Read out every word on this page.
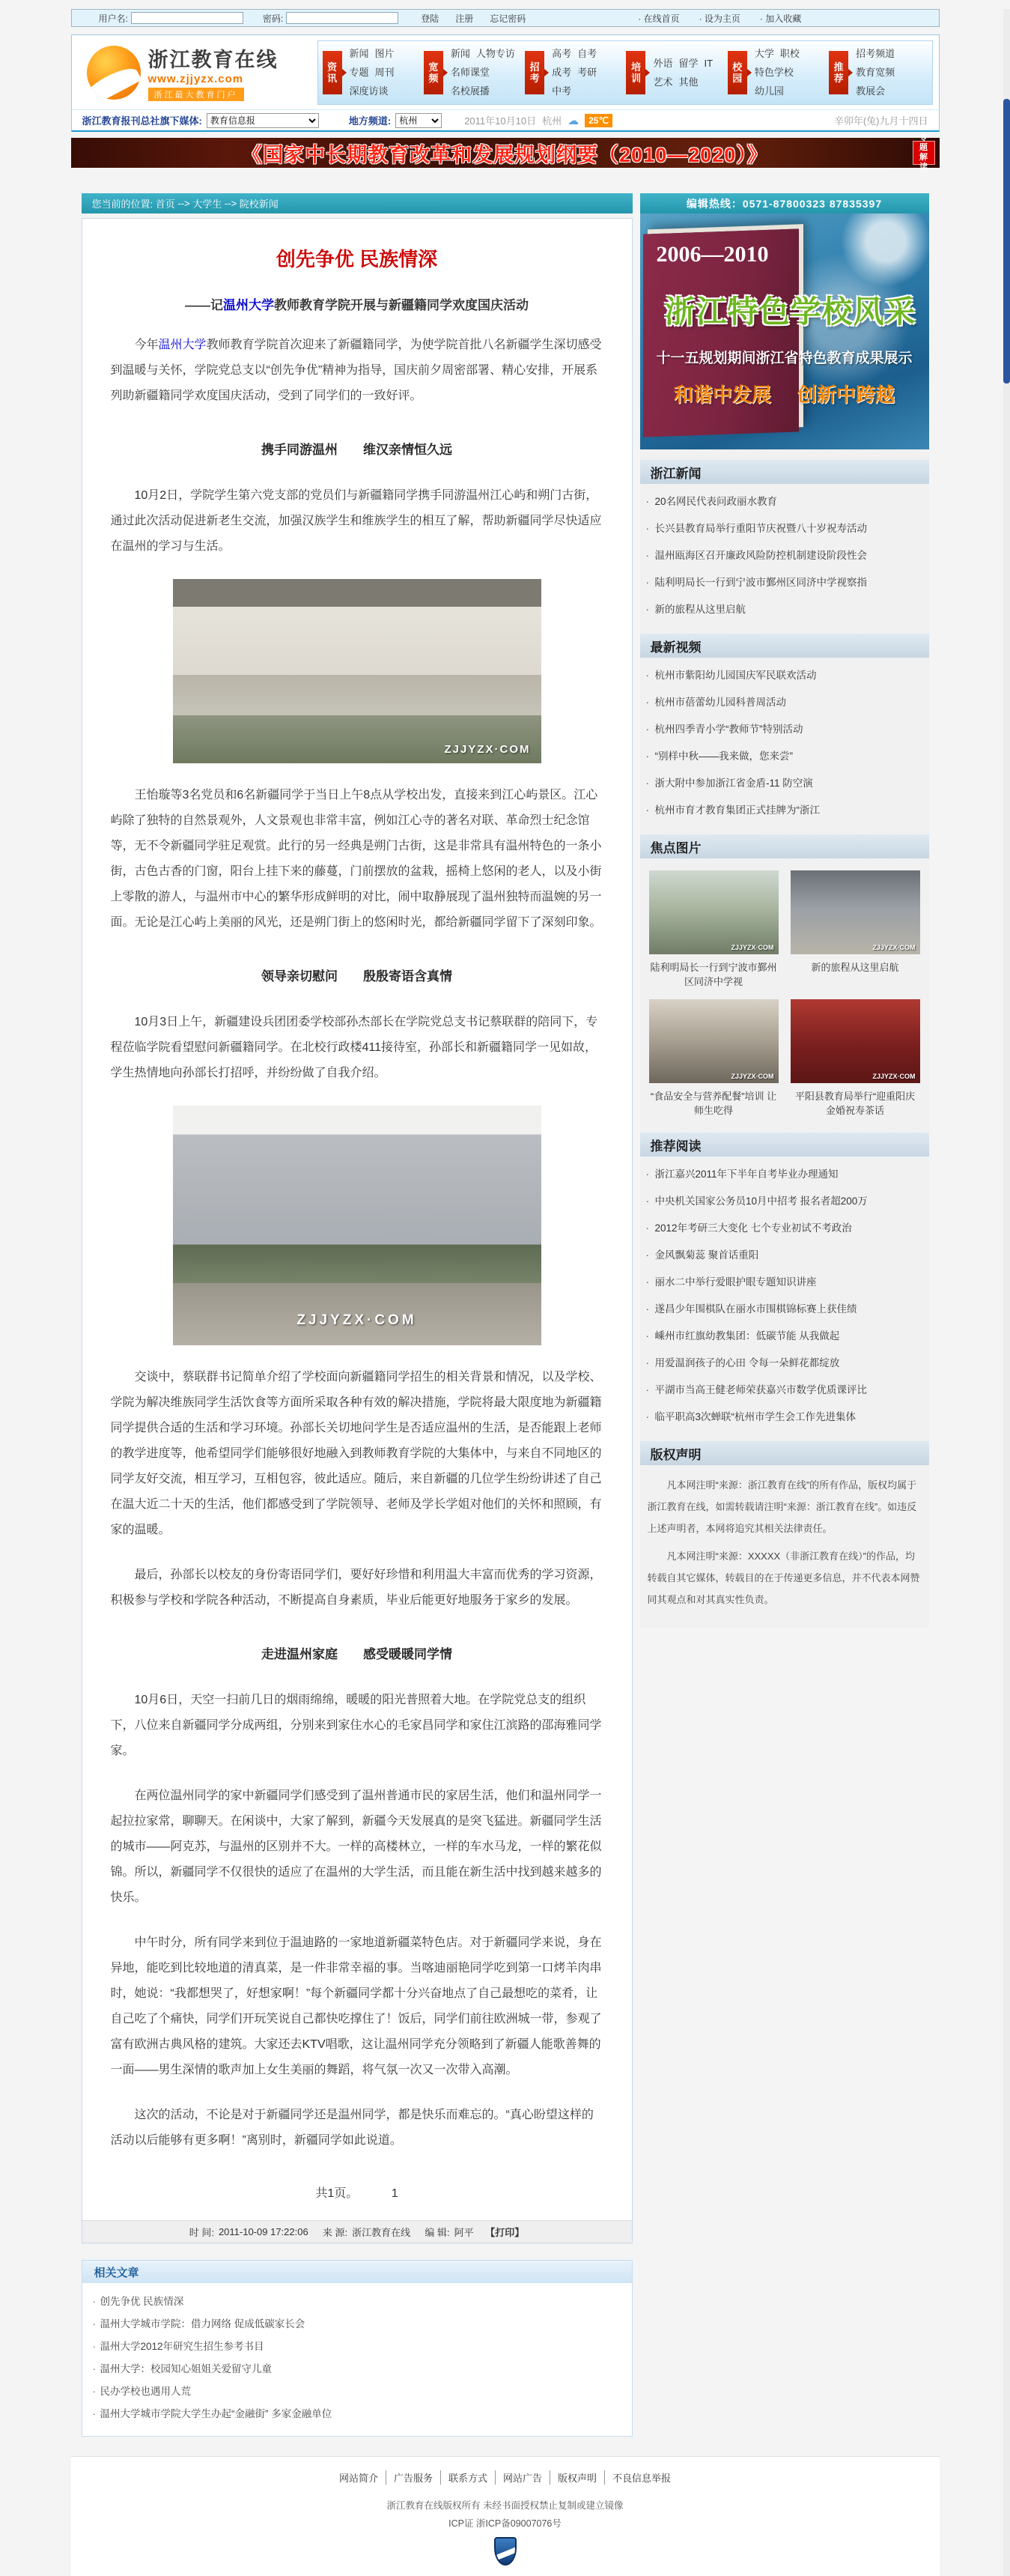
用户名:	密码:	登陆 注册 忘记密码	· 在线首页 · 设为主页 · 加入收藏
浙江教育在线
www.zjjyzx.com
浙江最大教育门户
资讯
新闻 图片专题 周刊深度访谈
宽频
新闻 人物专访名师课堂名校展播
招考
高考 自考成考 考研中考
培训
外语 留学 IT艺术 其他
校园
大学 职校特色学校幼儿园
推荐
招考频道教育宽频教展会
浙江教育报刊总社旗下媒体:
教育信息报	地方频道:
杭州	2011年10月10日 杭州 ☁	25℃	辛卯年(兔)九月十四日
《国家中长期教育改革和发展规划纲要（2010—2020）》
专题解读
您当前的位置:
首页
-->
大学生
-->
院校新闻
创先争优 民族情深
——记温州大学教师教育学院开展与新疆籍同学欢度国庆活动

今年温州大学教师教育学院首次迎来了新疆籍同学，为使学院首批八名新疆学生深切感受到温暖与关怀，学院党总支以“创先争优”精神为指导，国庆前夕周密部署、精心安排，开展系列助新疆籍同学欢度国庆活动，受到了同学们的一致好评。

携手同游温州　　维汉亲情恒久远

10月2日，学院学生第六党支部的党员们与新疆籍同学携手同游温州江心屿和朔门古街，通过此次活动促进新老生交流，加强汉族学生和维族学生的相互了解，帮助新疆同学尽快适应在温州的学习与生活。

ZJJYZX·COM

王怡璇等3名党员和6名新疆同学于当日上午8点从学校出发，直接来到江心屿景区。江心屿除了独特的自然景观外，人文景观也非常丰富，例如江心寺的著名对联、革命烈士纪念馆等，无不令新疆同学驻足观赏。此行的另一经典是朔门古街，这是非常具有温州特色的一条小街，古色古香的门窗，阳台上挂下来的藤蔓，门前摆放的盆栽，摇椅上悠闲的老人，以及小街上零散的游人，与温州市中心的繁华形成鲜明的对比，闹中取静展现了温州独特而温婉的另一面。无论是江心屿上美丽的风光，还是朔门街上的悠闲时光，都给新疆同学留下了深刻印象。

领导亲切慰问　　殷殷寄语含真情

10月3日上午，新疆建设兵团团委学校部孙杰部长在学院党总支书记蔡联群的陪同下，专程莅临学院看望慰问新疆籍同学。在北校行政楼411接待室，孙部长和新疆籍同学一见如故，学生热情地向孙部长打招呼，并纷纷做了自我介绍。

ZJJYZX·COM

交谈中，蔡联群书记简单介绍了学校面向新疆籍同学招生的相关背景和情况，以及学校、学院为解决维族同学生活饮食等方面所采取各种有效的解决措施，学院将最大限度地为新疆籍同学提供合适的生活和学习环境。孙部长关切地问学生是否适应温州的生活，是否能跟上老师的教学进度等，他希望同学们能够很好地融入到教师教育学院的大集体中，与来自不同地区的同学友好交流，相互学习，互相包容，彼此适应。随后，来自新疆的几位学生纷纷讲述了自己在温大近二十天的生活，他们都感受到了学院领导、老师及学长学姐对他们的关怀和照顾，有家的温暖。

最后，孙部长以校友的身份寄语同学们，要好好珍惜和利用温大丰富而优秀的学习资源，积极参与学校和学院各种活动，不断提高自身素质，毕业后能更好地服务于家乡的发展。

走进温州家庭　　感受暖暖同学情

10月6日，天空一扫前几日的烟雨绵绵，暖暖的阳光普照着大地。在学院党总支的组织下，八位来自新疆同学分成两组，分别来到家住水心的毛家昌同学和家住江滨路的邵海雅同学家。

在两位温州同学的家中新疆同学们感受到了温州普通市民的家居生活，他们和温州同学一起拉拉家常，聊聊天。在闲谈中，大家了解到，新疆今天发展真的是突飞猛进。新疆同学生活的城市——阿克苏，与温州的区别并不大。一样的高楼林立，一样的车水马龙，一样的繁花似锦。所以，新疆同学不仅很快的适应了在温州的大学生活，而且能在新生活中找到越来越多的快乐。

中午时分，所有同学来到位于温迪路的一家地道新疆菜特色店。对于新疆同学来说，身在异地，能吃到比较地道的清真菜，是一件非常幸福的事。当喀迪丽艳同学吃到第一口烤羊肉串时，她说：“我都想哭了，好想家啊！”每个新疆同学都十分兴奋地点了自己最想吃的菜肴，让自己吃了个痛快，同学们开玩笑说自己都快吃撑住了！饭后，同学们前往欧洲城一带，参观了富有欧洲古典风格的建筑。大家还去KTV唱歌，这让温州同学充分领略到了新疆人能歌善舞的一面——男生深情的歌声加上女生美丽的舞蹈，将气氛一次又一次带入高潮。

这次的活动，不论是对于新疆同学还是温州同学，都是快乐而难忘的。“真心盼望这样的活动以后能够有更多啊！”离别时，新疆同学如此说道。

共1页。	1
时 间: 2011-10-09 17:22:06
来 源: 浙江教育在线
编 辑: 阿平
【打印】
相关文章
· 创先争优 民族情深
· 温州大学城市学院：借力网络 促成低碳家长会
· 温州大学2012年研究生招生参考书目
· 温州大学：校园知心姐姐关爱留守儿童
· 民办学校也遇用人荒
· 温州大学城市学院大学生办起“金融街” 多家金融单位
编辑热线： 0571-87800323 87835397
2006—2010
浙江特色学校风采
十一五规划期间浙江省特色教育成果展示
和谐中发展 创新中跨越
浙江新闻
· 20名网民代表问政丽水教育
· 长兴县教育局举行重阳节庆祝暨八十岁祝寿活动
· 温州瓯海区召开廉政风险防控机制建设阶段性会
· 陆利明局长一行到宁波市鄞州区同济中学视察指
· 新的旅程从这里启航
最新视频
· 杭州市紫阳幼儿园国庆军民联欢活动
· 杭州市蓓蕾幼儿园科普周活动
· 杭州四季青小学“教师节”特别活动
· “别样中秋——我来做，您来尝”
· 浙大附中参加浙江省金盾-11 防空演
· 杭州市育才教育集团正式挂牌为“浙江
焦点图片
ZJJYZX·COM
陆利明局长一行到宁波市鄞州区同济中学视
ZJJYZX·COM
新的旅程从这里启航
ZJJYZX·COM
“食品安全与营养配餐”培训 让师生吃得
ZJJYZX·COM
平阳县教育局举行“迎重阳庆金婚祝寿茶话
推荐阅读
· 浙江嘉兴2011年下半年自考毕业办理通知
· 中央机关国家公务员10月中招考 报名者超200万
· 2012年考研三大变化 七个专业初试不考政治
· 金风飘菊蕊 聚首话重阳
· 丽水二中举行爱眼护眼专题知识讲座
· 遂昌少年围棋队在丽水市围棋锦标赛上获佳绩
· 嵊州市红旗幼教集团：低碳节能 从我做起
· 用爱温润孩子的心田 令每一朵鲜花都绽放
· 平湖市当高王健老师荣获嘉兴市数学优质课评比
· 临平职高3次蝉联“杭州市学生会工作先进集体
版权声明

凡本网注明“来源：浙江教育在线”的所有作品，版权均属于浙江教育在线，如需转载请注明“来源：浙江教育在线”。如违反上述声明者，本网将追究其相关法律责任。

凡本网注明“来源：XXXXX（非浙江教育在线）”的作品，均转载自其它媒体，转载目的在于传递更多信息，并不代表本网赞同其观点和对其真实性负责。

网站简介	广告服务	联系方式	网站广告	版权声明	不良信息举报

浙江教育在线版权所有 未经书面授权禁止复制或建立镜像

ICP证 浙ICP备09007076号
